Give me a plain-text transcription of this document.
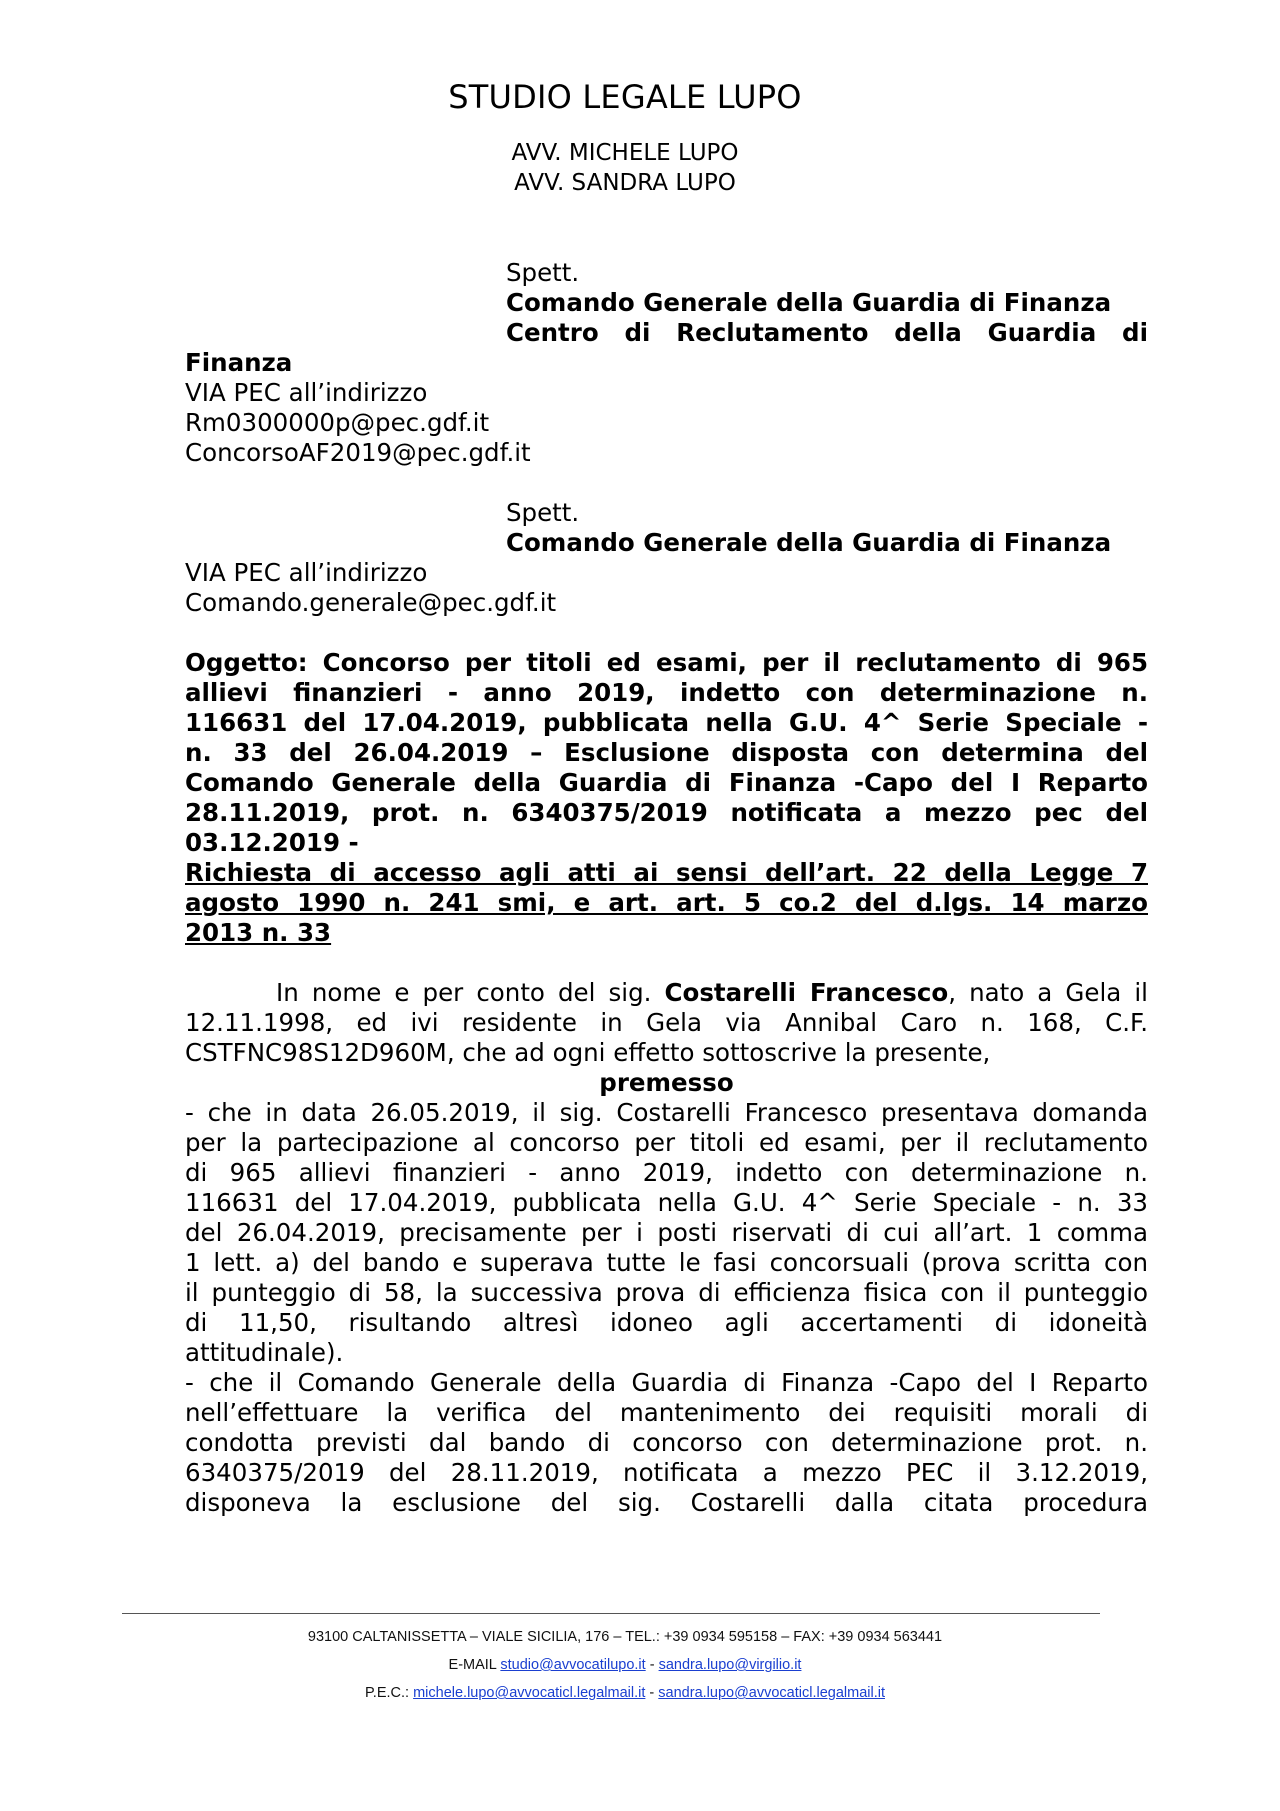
STUDIO LEGALE LUPO
AVV. MICHELE LUPO
AVV. SANDRA LUPO
Spett.
Comando Generale della Guardia di Finanza
Centro di Reclutamento della Guardia di
Finanza
VIA PEC all’indirizzo
Rm0300000p@pec.gdf.it
ConcorsoAF2019@pec.gdf.it
Spett.
Comando Generale della Guardia di Finanza
VIA PEC all’indirizzo
Comando.generale@pec.gdf.it
Oggetto: Concorso per titoli ed esami, per il reclutamento di 965
allievi finanzieri - anno 2019, indetto con determinazione n.
116631 del 17.04.2019, pubblicata nella G.U. 4^ Serie Speciale -
n. 33 del 26.04.2019 – Esclusione disposta con determina del
Comando Generale della Guardia di Finanza -Capo del I Reparto
28.11.2019, prot. n. 6340375/2019 notificata a mezzo pec del
03.12.2019 -
Richiesta di accesso agli atti ai sensi dell’art. 22 della Legge 7
agosto 1990 n. 241 smi, e art. art. 5 co.2 del d.lgs. 14 marzo
2013 n. 33
In nome e per conto del sig. Costarelli Francesco, nato a Gela il
12.11.1998, ed ivi residente in Gela via Annibal Caro n. 168, C.F.
CSTFNC98S12D960M, che ad ogni effetto sottoscrive la presente,
premesso
- che in data 26.05.2019, il sig. Costarelli Francesco presentava domanda
per la partecipazione al concorso per titoli ed esami, per il reclutamento
di 965 allievi finanzieri - anno 2019, indetto con determinazione n.
116631 del 17.04.2019, pubblicata nella G.U. 4^ Serie Speciale - n. 33
del 26.04.2019, precisamente per i posti riservati di cui all’art. 1 comma
1 lett. a) del bando e superava tutte le fasi concorsuali (prova scritta con
il punteggio di 58, la successiva prova di efficienza fisica con il punteggio
di 11,50, risultando altresì idoneo agli accertamenti di idoneità
attitudinale).
- che il Comando Generale della Guardia di Finanza -Capo del I Reparto
nell’effettuare la verifica del mantenimento dei requisiti morali di
condotta previsti dal bando di concorso con determinazione prot. n.
6340375/2019 del 28.11.2019, notificata a mezzo PEC il 3.12.2019,
disponeva la esclusione del sig. Costarelli dalla citata procedura
93100 CALTANISSETTA – VIALE SICILIA, 176 – TEL.: +39 0934 595158 – FAX: +39 0934 563441
E-MAIL studio@avvocatilupo.it - sandra.lupo@virgilio.it
P.E.C.: michele.lupo@avvocaticl.legalmail.it - sandra.lupo@avvocaticl.legalmail.it
